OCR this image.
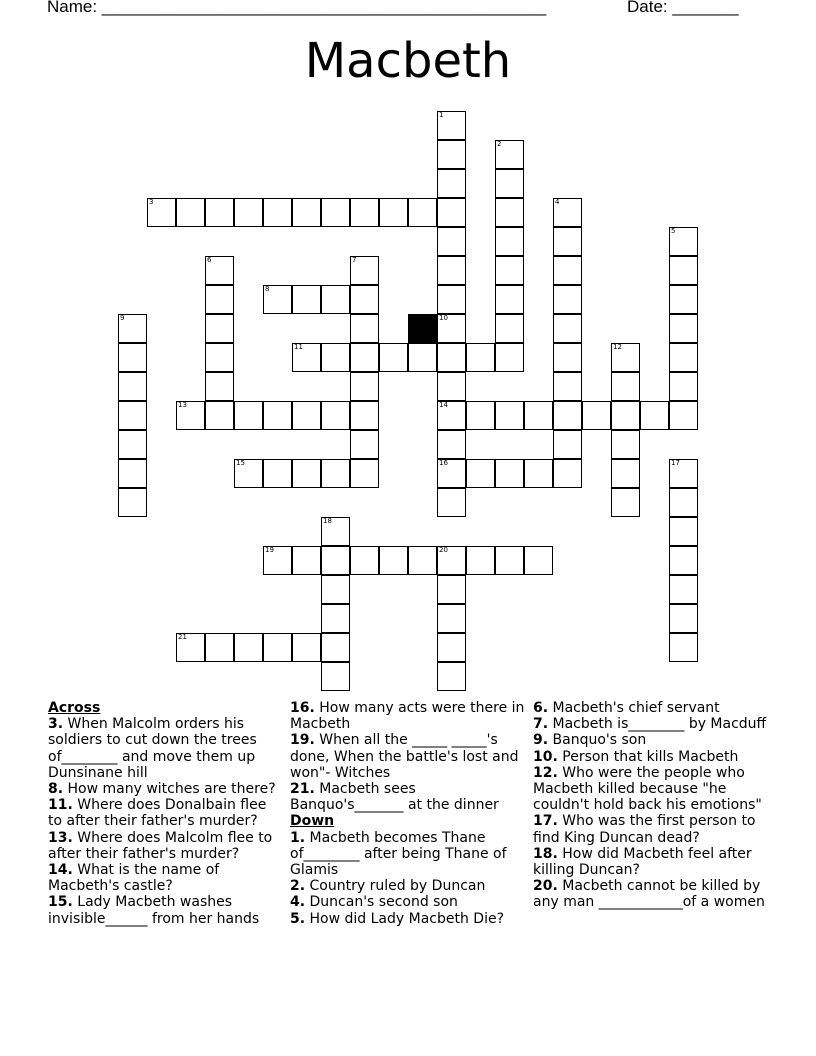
Name: _______________________________________________	Date: _______
Macbeth
1
10
2
3	4
5
6	7
8
9
14
16
11	12
13
15	17
18
19	20
21
Across
3. When Malcolm orders his soldiers to cut down the trees of________ and move them up Dunsinane hill
8. How many witches are there?
11. Where does Donalbain flee to after their father's murder?
13. Where does Malcolm flee to after their father's murder?
14. What is the name of Macbeth's castle?
15. Lady Macbeth washes invisible______ from her hands
16. How many acts were there in Macbeth
19. When all the _____ _____'s done, When the battle's lost and won"- Witches
21. Macbeth sees Banquo's_______ at the dinner
Down
1. Macbeth becomes Thane of________ after being Thane of Glamis
2. Country ruled by Duncan
4. Duncan's second son
5. How did Lady Macbeth Die?
6. Macbeth's chief servant
7. Macbeth is________ by Macduff
9. Banquo's son
10. Person that kills Macbeth
12. Who were the people who Macbeth killed because "he couldn't hold back his emotions"
17. Who was the first person to find King Duncan dead?
18. How did Macbeth feel after killing Duncan?
20. Macbeth cannot be killed by any man ____________of a women
